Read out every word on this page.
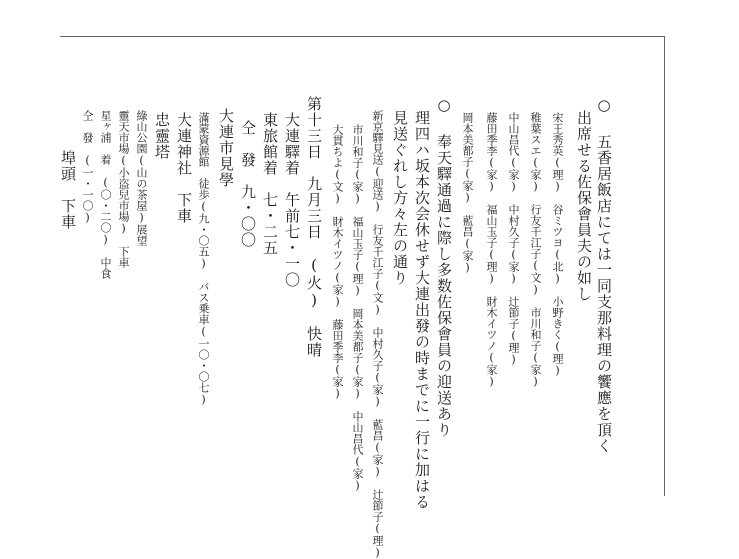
○ 五香居飯店にては一同支那料理の饗應を頂く
出席せる佐保會員夫の如し
宋王秀英(理)　谷ミツヨ(北)　小野きく(理)
稚葉スエ(家)　行友千江子(文)　市川和子(家)
中山昌代(家)　中村久子(家)　辻節子(理)
藤田季李(家)　福山玉子(理)　財木イツノ(家)
岡本美都子(家)　藍昌(家)
○ 奉天驛通過に際し多数佐保會員の迎送あり
理四ハ坂本次会休せず大連出發の時までに一行に加はる
見送ぐれし方々左の通り
新京驛見送(迎送)　行友千江子(文)　中村久子(家)　藍昌(家)　辻節子(理)
市川和子(家)　福山玉子(理)　岡本美都子(家)　中山昌代(家)
大貫ちよ(文)　財木イツノ(家)　藤田季李(家)
第十三日　九月三日　(火)　快晴
大連驛着　午前七・一〇
東旅館着　七・二五
仝　發　九・〇〇
大連市見學
滿蒙資源館　徒歩(九・〇五)　バス乗車(一〇・〇七)
大連神社　下車
忠靈塔
綠山公園(山の茶屋)展望
靈天市場(小盗兒市場)　下車
星ヶ浦　着　(〇・二〇)　中食
仝　發　(一・一〇)
埠頭　下車
